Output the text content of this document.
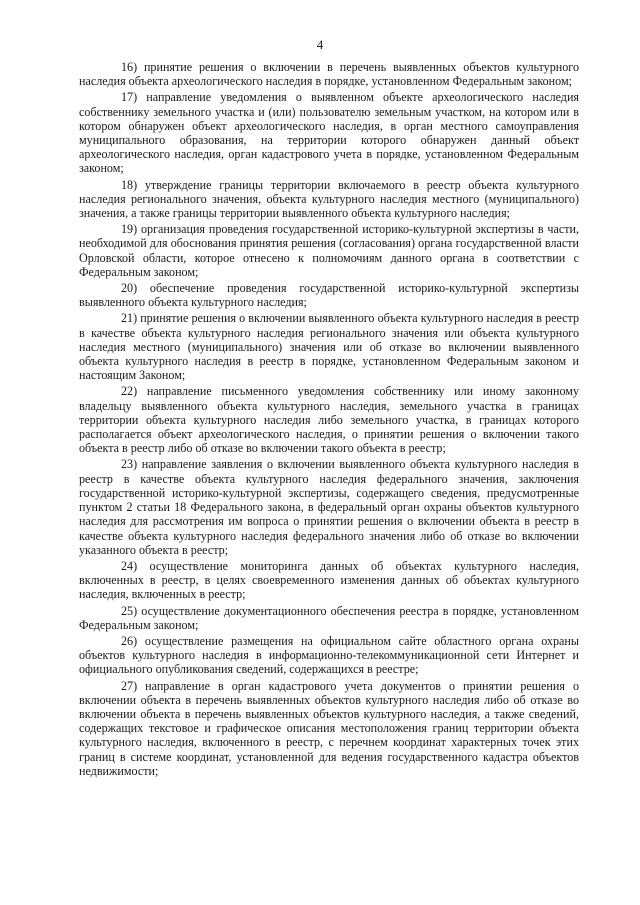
4

16) принятие решения о включении в перечень выявленных объектов культурного наследия объекта археологического наследия в порядке, установленном Федеральным законом;

17) направление уведомления о выявленном объекте археологического наследия собственнику земельного участка и (или) пользователю земельным участком, на котором или в котором обнаружен объект археологического наследия, в орган местного самоуправления муниципального образования, на территории которого обнаружен данный объект археологического наследия, орган кадастрового учета в порядке, установленном Федеральным законом;

18) утверждение границы территории включаемого в реестр объекта культурного наследия регионального значения, объекта культурного наследия местного (муниципального) значения, а также границы территории выявленного объекта культурного наследия;

19) организация проведения государственной историко-культурной экспертизы в части, необходимой для обоснования принятия решения (согласования) органа государственной власти Орловской области, которое отнесено к полномочиям данного органа в соответствии с Федеральным законом;

20) обеспечение проведения государственной историко-культурной экспертизы выявленного объекта культурного наследия;

21) принятие решения о включении выявленного объекта культурного наследия в реестр в качестве объекта культурного наследия регионального значения или объекта культурного наследия местного (муниципального) значения или об отказе во включении выявленного объекта культурного наследия в реестр в порядке, установленном Федеральным законом и настоящим Законом;

22) направление письменного уведомления собственнику или иному законному владельцу выявленного объекта культурного наследия, земельного участка в границах территории объекта культурного наследия либо земельного участка, в границах которого располагается объект археологического наследия, о принятии решения о включении такого объекта в реестр либо об отказе во включении такого объекта в реестр;

23) направление заявления о включении выявленного объекта культурного наследия в реестр в качестве объекта культурного наследия федерального значения, заключения государственной историко-культурной экспертизы, содержащего сведения, предусмотренные пунктом 2 статьи 18 Федерального закона, в федеральный орган охраны объектов культурного наследия для рассмотрения им вопроса о принятии решения о включении объекта в реестр в качестве объекта культурного наследия федерального значения либо об отказе во включении указанного объекта в реестр;

24) осуществление мониторинга данных об объектах культурного наследия, включенных в реестр, в целях своевременного изменения данных об объектах культурного наследия, включенных в реестр;

25) осуществление документационного обеспечения реестра в порядке, установленном Федеральным законом;

26) осуществление размещения на официальном сайте областного органа охраны объектов культурного наследия в информационно-телекоммуникационной сети Интернет и официального опубликования сведений, содержащихся в реестре;

27) направление в орган кадастрового учета документов о принятии решения о включении объекта в перечень выявленных объектов культурного наследия либо об отказе во включении объекта в перечень выявленных объектов культурного наследия, а также сведений, содержащих текстовое и графическое описания местоположения границ территории объекта культурного наследия, включенного в реестр, с перечнем координат характерных точек этих границ в системе координат, установленной для ведения государственного кадастра объектов недвижимости;
